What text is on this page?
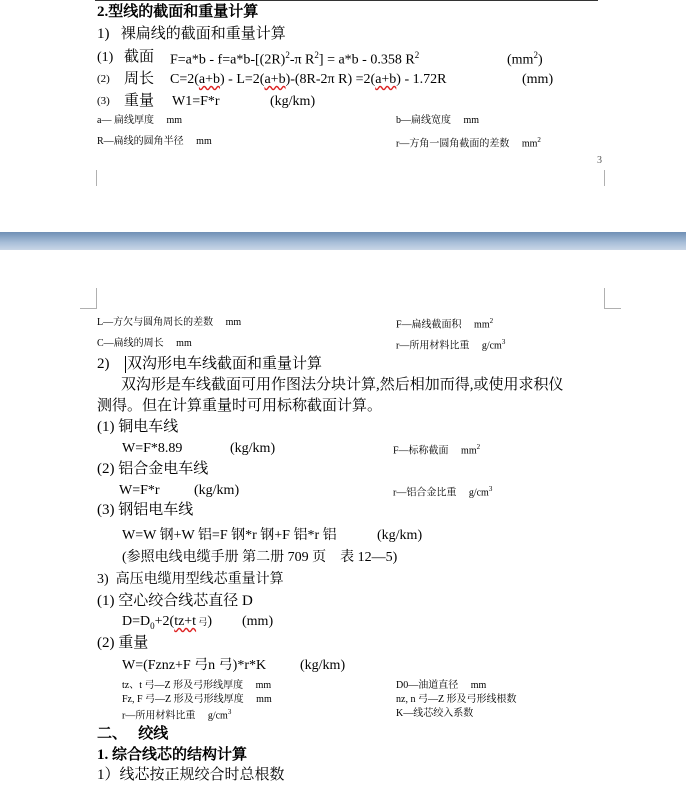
2.型线的截面和重量计算
1)   裸扁线的截面和重量计算
(1) 截面 $F=a*b - f=a*b-[(2R)^2-\pi$ $R^2] = a*b - 0.358$ $R^2$	$(mm^2)$
(2) 周长 C=2(a+b) - L=2(a+b)-(8R-2π R) =2(a+b) - 1.72R	(mm)
(3) 重量 W1=F*r	(kg/km)
a— 扁线厚度　 mm	b—扁线宽度　 mm
R—扁线的圆角半径　 mm	r—方角一圆角截面的差数　 $mm^2$
3
L—方欠与圆角周长的差数　 mm	F—扁线截面积　 $mm^2$
C—扁线的周长　 mm	r—所用材料比重　 $g/cm^3$
2) 双沟形电车线截面和重量计算
双沟形是车线截面可用作图法分块计算,然后相加而得,或使用求积仪
测得。但在计算重量时可用标称截面计算。
(1) 铜电车线
W=F*8.89	(kg/km)	F—标称截面　 $mm^2$
(2) 铝合金电车线
W=F*r (kg/km)	r—铝合金比重　 $g/cm^3$
(3) 钢铝电车线
W=W 钢+W 铝=F 钢*r 钢+F 铝*r 铝	(kg/km)
(参照电线电缆手册 第二册 709 页　表 12—5)
3)  高压电缆用型线芯重量计算
(1) 空心绞合线芯直径 D
$D=D_0+2(tz+t$ 弓) (mm)
(2) 重量
W=(Fznz+F 弓n 弓)*r*K (kg/km)
tz、t 弓—Z 形及弓形线厚度　 mm	D0—油道直径　 mm
Fz, F 弓—Z 形及弓形线厚度　 mm	nz, n 弓—Z 形及弓形线根数
r—所用材料比重　 $g/cm^3$	K—线芯绞入系数
二、　 绞线
1. 综合线芯的结构计算
1）线芯按正规绞合时总根数
